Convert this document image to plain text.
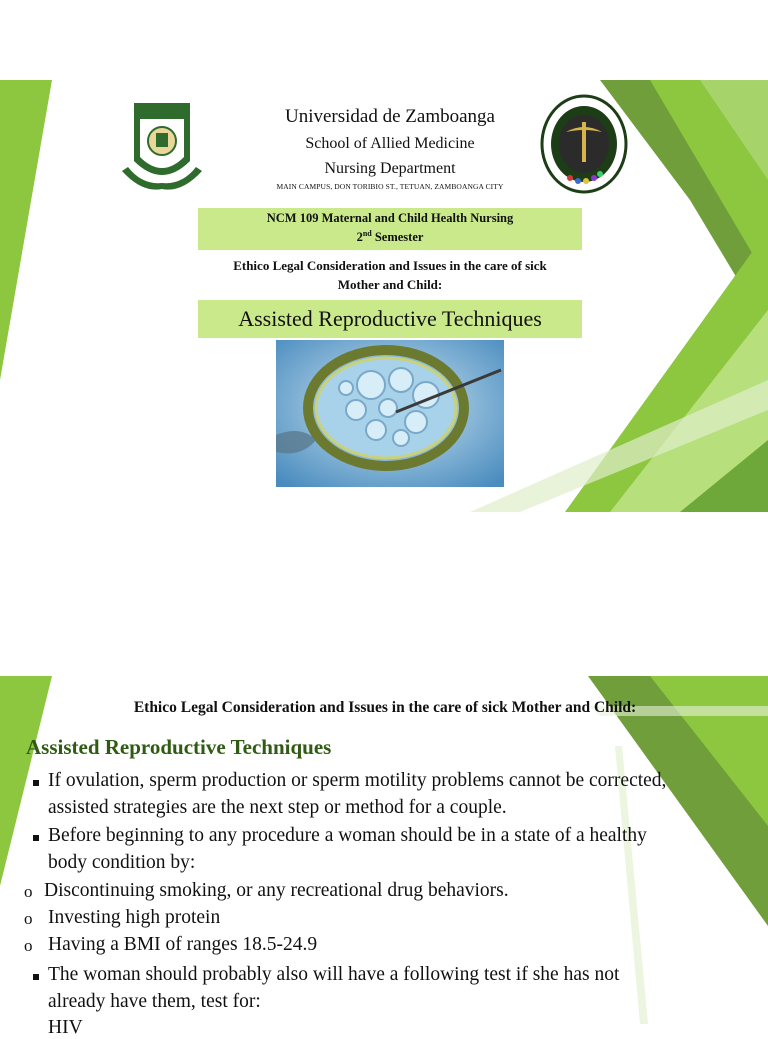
Universidad de Zamboanga
School of Allied Medicine
Nursing Department
MAIN CAMPUS, DON TORIBIO ST., TETUAN, ZAMBOANGA CITY
NCM 109 Maternal and Child Health Nursing
2nd Semester
Ethico Legal Consideration and Issues in the care of sick
Mother and Child:
Assisted Reproductive Techniques
Ethico Legal Consideration and Issues in the care of sick Mother and Child:
Assisted Reproductive Techniques
If ovulation, sperm production or sperm motility problems cannot be corrected,
assisted strategies are the next step or method for a couple.
Before beginning to any procedure a woman should be in a state of a healthy
body condition by:
o Discontinuing smoking, or any recreational drug behaviors.
o Investing high protein
o Having a BMI of ranges 18.5-24.9
The woman should probably also will have a following test if she has not
already have them, test for:
HIV
